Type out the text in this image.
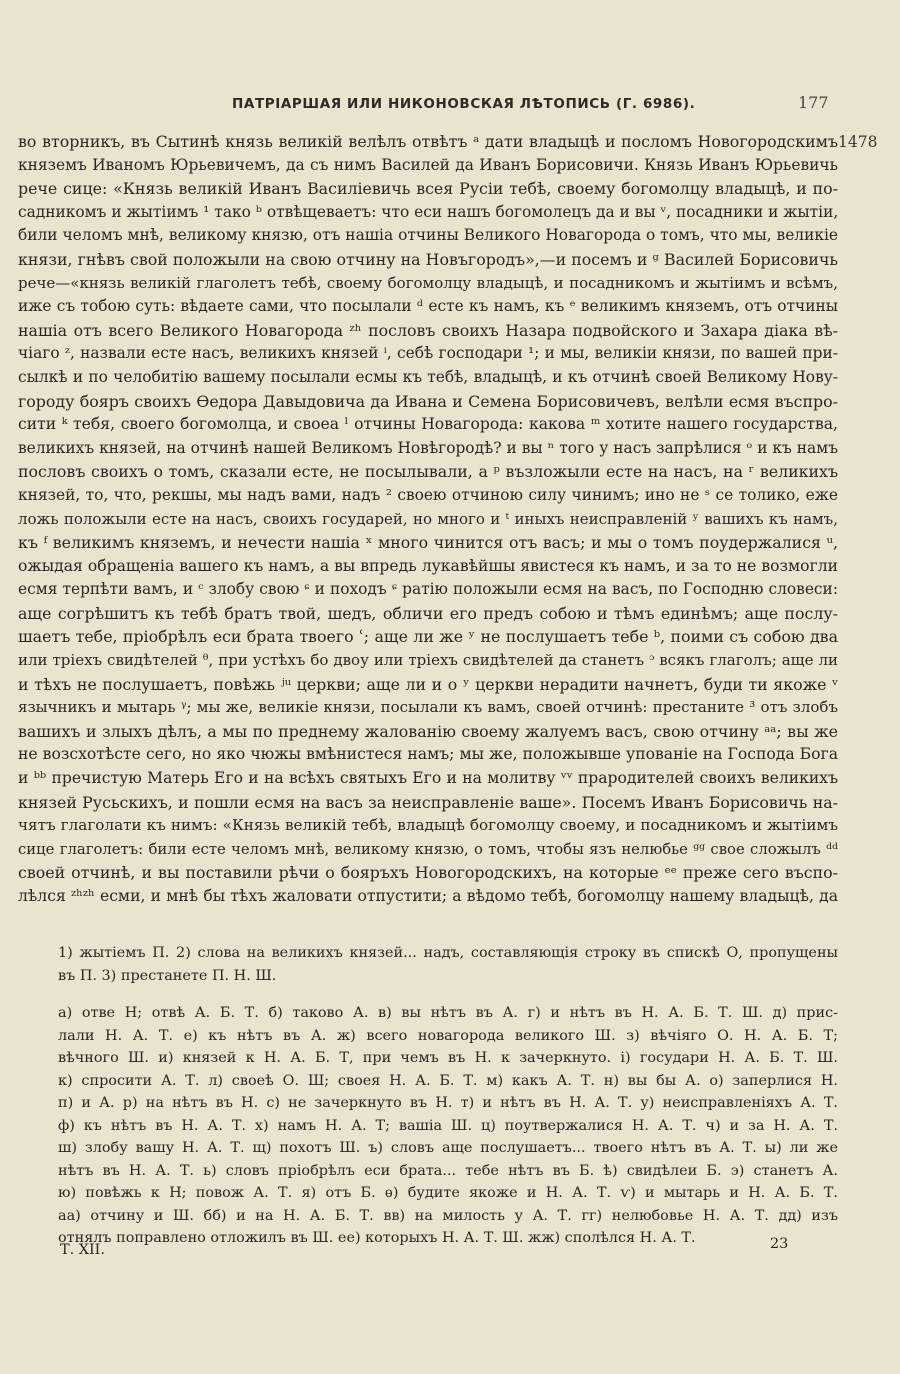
ПАТРІАРШАЯ ИЛИ НИКОНОВСКАЯ ЛѢТОПИСЬ (Г. 6986).	177
1478
во вторникъ, въ Сытинѣ князь великій велѣлъ отвѣтъ ᵃ дати владыцѣ и посломъ Новогородскимъ
княземъ Иваномъ Юрьевичемъ, да съ нимъ Василей да Иванъ Борисовичи. Князь Иванъ Юрьевичь
рече сице: «Князь великій Иванъ Василіевичь всея Русіи тебѣ, своему богомолцу владыцѣ, и по-
садникомъ и жытіимъ ¹ тако ᵇ отвѣщеваетъ: что еси нашъ богомолецъ да и вы ᵛ, посадники и жытіи,
били челомъ мнѣ, великому князю, отъ нашіа отчины Великого Новагорода о томъ, что мы, великіе
князи, гнѣвъ свой положыли на свою отчину на Новъгородъ»,—и посемъ и ᵍ Василей Борисовичь
рече—«князь великій глаголетъ тебѣ, своему богомолцу владыцѣ, и посадникомъ и жытіимъ и всѣмъ,
иже съ тобою суть: вѣдаете сами, что посылали ᵈ есте къ намъ, къ ᵉ великимъ княземъ, отъ отчины
нашіа отъ всего Великого Новагорода ᶻʰ пословъ своихъ Назара подвойского и Захара діака вѣ-
чіаго ᶻ, назвали есте насъ, великихъ князей ⁱ, себѣ господари ¹; и мы, великіи князи, по вашей при-
сылкѣ и по челобитію вашему посылали есмы къ тебѣ, владыцѣ, и къ отчинѣ своей Великому Нову-
городу бояръ своихъ Ѳедора Давыдовича да Ивана и Семена Борисовичевъ, велѣли есмя въспро-
сити ᵏ тебя, своего богомолца, и своеа ˡ отчины Новагорода: какова ᵐ хотите нашего государства,
великихъ князей, на отчинѣ нашей Великомъ Новѣгородѣ? и вы ⁿ того у насъ запрѣлися ᵒ и къ намъ
пословъ своихъ о томъ, сказали есте, не посылывали, а ᵖ възложыли есте на насъ, на ʳ великихъ
князей, то, что, рекшы, мы надъ вами, надъ ² своею отчиною силу чинимъ; ино не ˢ се толико, еже
ложь положыли есте на насъ, своихъ государей, но много и ᵗ иныхъ неисправленій ʸ вашихъ къ намъ,
къ ᶠ великимъ княземъ, и нечести нашіа ˣ много чинится отъ васъ; и мы о томъ поудержалися ᵘ,
ожыдая обращеніа вашего къ намъ, а вы впредь лукавѣйшы явистеся къ намъ, и за то не возмогли
есмя терпѣти вамъ, и ᶜ злобу свою ᶝ и походъ ᶝ ратію положыли есмя на васъ, по Господню словеси:
аще согрѣшитъ къ тебѣ братъ твой, шедъ, обличи его предъ собою и тѣмъ единѣмъ; аще послу-
шаетъ тебе, пріобрѣлъ еси брата твоего ʿ; аще ли же ʸ не послушаетъ тебе ᵇ, поими съ собою два
или тріехъ свидѣтелей ᶿ, при устѣхъ бо двоу или тріехъ свидѣтелей да станетъ ᵓ всякъ глаголъ; аще ли
и тѣхъ не послушаетъ, повѣжь ʲᵘ церкви; аще ли и о ʸ церкви нерадити начнетъ, буди ти якоже ᵛ
язычникъ и мытарь ᵞ; мы же, великіе князи, посылали къ вамъ, своей отчинѣ: престаните ³ отъ злобъ
вашихъ и злыхъ дѣлъ, а мы по преднему жалованію своему жалуемъ васъ, свою отчину ᵃᵃ; вы же
не возсхотѣсте сего, но яко чюжы вмѣнистеся намъ; мы же, положывше упованіе на Господа Бога
и ᵇᵇ пречистую Матерь Его и на всѣхъ святыхъ Его и на молитву ᵛᵛ прародителей своихъ великихъ
князей Русьскихъ, и пошли есмя на васъ за неисправленіе ваше». Посемъ Иванъ Борисовичь на-
чятъ глаголати къ нимъ: «Князь великій тебѣ, владыцѣ богомолцу своему, и посадникомъ и жытіимъ
сице глаголетъ: били есте челомъ мнѣ, великому князю, о томъ, чтобы язъ нелюбье ᵍᵍ свое сложылъ ᵈᵈ
своей отчинѣ, и вы поставили рѣчи о бояръхъ Новогородскихъ, на которые ᵉᵉ преже сего въспо-
лѣлся ᶻʰᶻʰ есми, и мнѣ бы тѣхъ жаловати отпустити; а вѣдомо тебѣ, богомолцу нашему владыцѣ, да
1) жытіемъ П. 2) слова на великихъ князей... надъ, составляющія строку въ спискѣ О, пропущены
въ П. 3) престанете П. Н. Ш.
а) отве Н; отвѣ А. Б. Т. б) таково А. в) вы нѣтъ въ А. г) и нѣтъ въ Н. А. Б. Т. Ш. д) прис-
лали Н. А. Т. е) къ нѣтъ въ А. ж) всего новагорода великого Ш. з) вѣчіяго О. Н. А. Б. Т;
вѣчного Ш. и) князей к Н. А. Б. Т, при чемъ въ Н. к зачеркнуто. і) государи Н. А. Б. Т. Ш.
к) спросити А. Т. л) своеѣ О. Ш; своея Н. А. Б. Т. м) какъ А. Т. н) вы бы А. о) заперлися Н.
п) и А. р) на нѣтъ въ Н. с) не зачеркнуто въ Н. т) и нѣтъ въ Н. А. Т. у) неисправленіяхъ А. Т.
ф) къ нѣтъ въ Н. А. Т. х) намъ Н. А. Т; вашіа Ш. ц) поутвержалися Н. А. Т. ч) и за Н. А. Т.
ш) злобу вашу Н. А. Т. щ) похотъ Ш. ъ) словъ аще послушаетъ... твоего нѣтъ въ А. Т. ы) ли же
нѣтъ въ Н. А. Т. ь) словъ пріобрѣлъ еси брата... тебе нѣтъ въ Б. ѣ) свидѣлеи Б. э) станетъ А.
ю) повѣжь к Н; повож А. Т. я) отъ Б. ѳ) будите якоже и Н. А. Т. ѵ) и мытарь и Н. А. Б. Т.
аа) отчину и Ш. бб) и на Н. А. Б. Т. вв) на милость у А. Т. гг) нелюбовье Н. А. Т. дд) изъ
отнялъ поправлено отложилъ въ Ш. ее) которыхъ Н. А. Т. Ш. жж) сполѣлся Н. А. Т.
Т. XII.	23
